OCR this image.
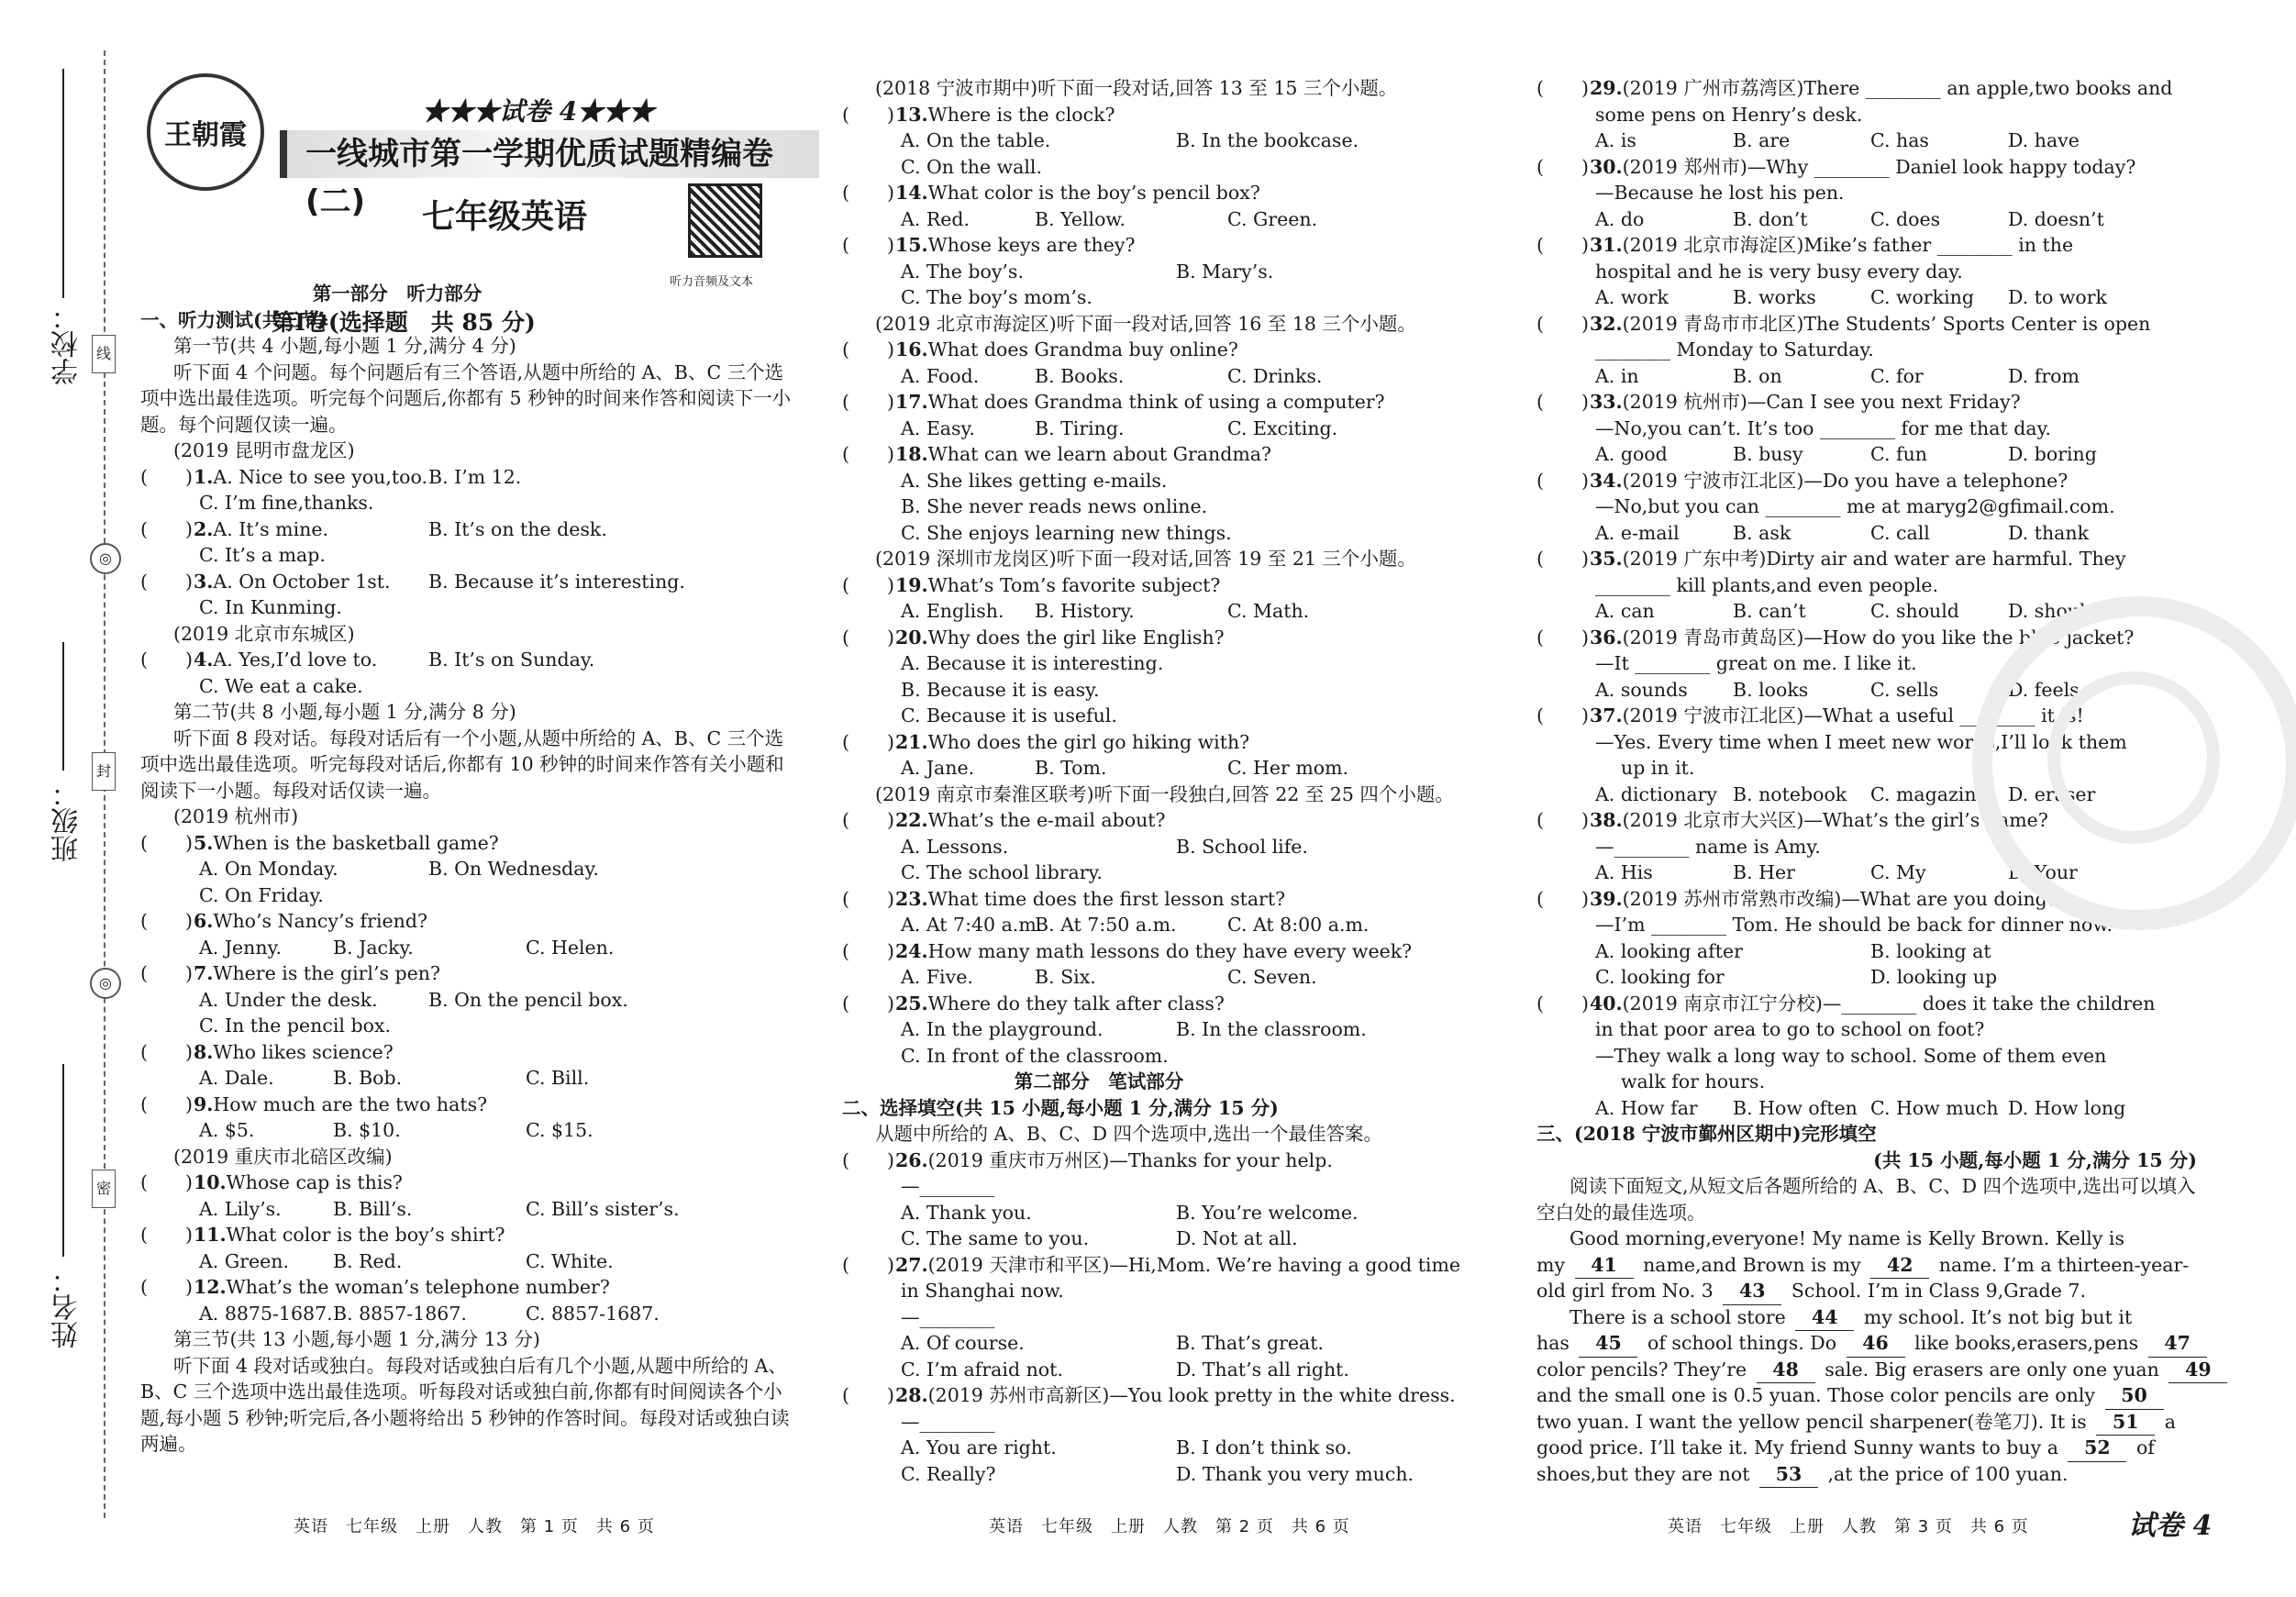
学校：
班级：
姓名：
线
封
密
◎
◎
王朝霞
★★★试卷 4★★★
一线城市第一学期优质试题精编卷(二)	七年级英语
听力音频及文本
第Ⅰ卷(选择题　共 85 分)
第一部分　听力部分
一、听力测试(共三节)
第一节(共 4 小题,每小题 1 分,满分 4 分)
听下面 4 个问题。每个问题后有三个答语,从题中所给的 A、B、C 三个选项中选出最佳选项。听完每个问题后,你都有 5 秒钟的时间来作答和阅读下一小题。每个问题仅读一遍。
(2019 昆明市盘龙区)
(　　)1.A. Nice to see you,too. B. I’m 12.
C. I’m fine,thanks.
(　　)2.A. It’s mine.	B. It’s on the desk.
C. It’s a map.
(　　)3.A. On October 1st. B. Because it’s interesting.
C. In Kunming.
(2019 北京市东城区)
(　　)4.A. Yes,I’d love to.	B. It’s on Sunday.
C. We eat a cake.
第二节(共 8 小题,每小题 1 分,满分 8 分)
听下面 8 段对话。每段对话后有一个小题,从题中所给的 A、B、C 三个选项中选出最佳选项。听完每段对话后,你都有 10 秒钟的时间来作答有关小题和阅读下一小题。每段对话仅读一遍。
(2019 杭州市)
(　　)5.When is the basketball game?
A. On Monday.	B. On Wednesday.
C. On Friday.
(　　)6.Who’s Nancy’s friend?
A. Jenny.	B. Jacky.	C. Helen.
(　　)7.Where is the girl’s pen?
A. Under the desk.	B. On the pencil box.
C. In the pencil box.
(　　)8.Who likes science?
A. Dale.	B. Bob.	C. Bill.
(　　)9.How much are the two hats?
A. $5.	B. $10.	C. $15.
(2019 重庆市北碚区改编)
(　　)10.Whose cap is this?
A. Lily’s.	B. Bill’s.	C. Bill’s sister’s.
(　　)11.What color is the boy’s shirt?
A. Green. B. Red.	C. White.
(　　)12.What’s the woman’s telephone number?
A. 8875-1687. B. 8857-1867.	C. 8857-1687.
第三节(共 13 小题,每小题 1 分,满分 13 分)
听下面 4 段对话或独白。每段对话或独白后有几个小题,从题中所给的 A、B、C 三个选项中选出最佳选项。听每段对话或独白前,你都有时间阅读各个小题,每小题 5 秒钟;听完后,各小题将给出 5 秒钟的作答时间。每段对话或独白读两遍。
(2018 宁波市期中)听下面一段对话,回答 13 至 15 三个小题。
(　　)13.Where is the clock?
A. On the table.	B. In the bookcase.
C. On the wall.
(　　)14.What color is the boy’s pencil box?
A. Red.	B. Yellow.	C. Green.
(　　)15.Whose keys are they?
A. The boy’s.	B. Mary’s.
C. The boy’s mom’s.
(2019 北京市海淀区)听下面一段对话,回答 16 至 18 三个小题。
(　　)16.What does Grandma buy online?
A. Food.	B. Books.	C. Drinks.
(　　)17.What does Grandma think of using a computer?
A. Easy.	B. Tiring.	C. Exciting.
(　　)18.What can we learn about Grandma?
A. She likes getting e-mails.
B. She never reads news online.
C. She enjoys learning new things.
(2019 深圳市龙岗区)听下面一段对话,回答 19 至 21 三个小题。
(　　)19.What’s Tom’s favorite subject?
A. English. B. History.	C. Math.
(　　)20.Why does the girl like English?
A. Because it is interesting.
B. Because it is easy.
C. Because it is useful.
(　　)21.Who does the girl go hiking with?
A. Jane.	B. Tom.	C. Her mom.
(2019 南京市秦淮区联考)听下面一段独白,回答 22 至 25 四个小题。
(　　)22.What’s the e-mail about?
A. Lessons.	B. School life.
C. The school library.
(　　)23.What time does the first lesson start?
A. At 7:40 a.m.
B. At 7:50 a.m.	C. At 8:00 a.m.
(　　)24.How many math lessons do they have every week?
A. Five.	B. Six.	C. Seven.
(　　)25.Where do they talk after class?
A. In the playground.	B. In the classroom.
C. In front of the classroom.
第二部分　笔试部分
二、选择填空(共 15 小题,每小题 1 分,满分 15 分)
从题中所给的 A、B、C、D 四个选项中,选出一个最佳答案。
(　　)26.(2019 重庆市万州区)—Thanks for your help.
—________
A. Thank you.	B. You’re welcome.
C. The same to you.	D. Not at all.
(　　)27.(2019 天津市和平区)—Hi,Mom. We’re having a good time
in Shanghai now.
—________
A. Of course.	B. That’s great.
C. I’m afraid not.	D. That’s all right.
(　　)28.(2019 苏州市高新区)—You look pretty in the white dress.
—________
A. You are right.	B. I don’t think so.
C. Really?	D. Thank you very much.
(　　)29.(2019 广州市荔湾区)There ________ an apple,two books and
some pens on Henry’s desk.
A. is	B. are	C. has	D. have
(　　)30.(2019 郑州市)—Why ________ Daniel look happy today?
—Because he lost his pen.
A. do	B. don’t	C. does	D. doesn’t
(　　)31.(2019 北京市海淀区)Mike’s father ________ in the
hospital and he is very busy every day.
A. work	B. works	C. working D. to work
(　　)32.(2019 青岛市市北区)The Students’ Sports Center is open
________ Monday to Saturday.
A. in	B. on	C. for	D. from
(　　)33.(2019 杭州市)—Can I see you next Friday?
—No,you can’t. It’s too ________ for me that day.
A. good	B. busy	C. fun	D. boring
(　　)34.(2019 宁波市江北区)—Do you have a telephone?
—No,but you can ________ me at maryg2@gfimail.com.
A. e-mail	B. ask	C. call	D. thank
(　　)35.(2019 广东中考)Dirty air and water are harmful. They
________ kill plants,and even people.
A. can	B. can’t	C. should	D. shouldn’t
(　　)36.(2019 青岛市黄岛区)—How do you like the blue jacket?
—It ________ great on me. I like it.
A. sounds B. looks	C. sells	D. feels
(　　)37.(2019 宁波市江北区)—What a useful ________ it is!
—Yes. Every time when I meet new words,I’ll look them
up in it.
A. dictionary B. notebook C. magazine D. eraser
(　　)38.(2019 北京市大兴区)—What’s the girl’s name?
—________ name is Amy.
A. His	B. Her	C. My	D. Your
(　　)39.(2019 苏州市常熟市改编)—What are you doing?
—I’m ________ Tom. He should be back for dinner now.
A. looking after	B. looking at
C. looking for	D. looking up
(　　)40.(2019 南京市江宁分校)—________ does it take the children
in that poor area to go to school on foot?
—They walk a long way to school. Some of them even
walk for hours.
A. How far B. How often C. How much D. How long
三、(2018 宁波市鄞州区期中)完形填空
(共 15 小题,每小题 1 分,满分 15 分)
阅读下面短文,从短文后各题所给的 A、B、C、D 四个选项中,选出可以填入空白处的最佳选项。
Good morning,everyone! My name is Kelly Brown. Kelly is
my 41 name,and Brown is my 42 name. I’m a thirteen-year-
old girl from No. 3 43 School. I’m in Class 9,Grade 7.
There is a school store 44 my school. It’s not big but it
has 45 of school things. Do 46 like books,erasers,pens 47
color pencils? They’re 48 sale. Big erasers are only one yuan 49
and the small one is 0.5 yuan. Those color pencils are only 50
two yuan. I want the yellow pencil sharpener(卷笔刀). It is 51 a
good price. I’ll take it. My friend Sunny wants to buy a 52 of
shoes,but they are not 53 ,at the price of 100 yuan.
英语　七年级　上册　人教　第 1 页　共 6 页	英语　七年级　上册　人教　第 2 页　共 6 页	英语　七年级　上册　人教　第 3 页　共 6 页	试卷 4
